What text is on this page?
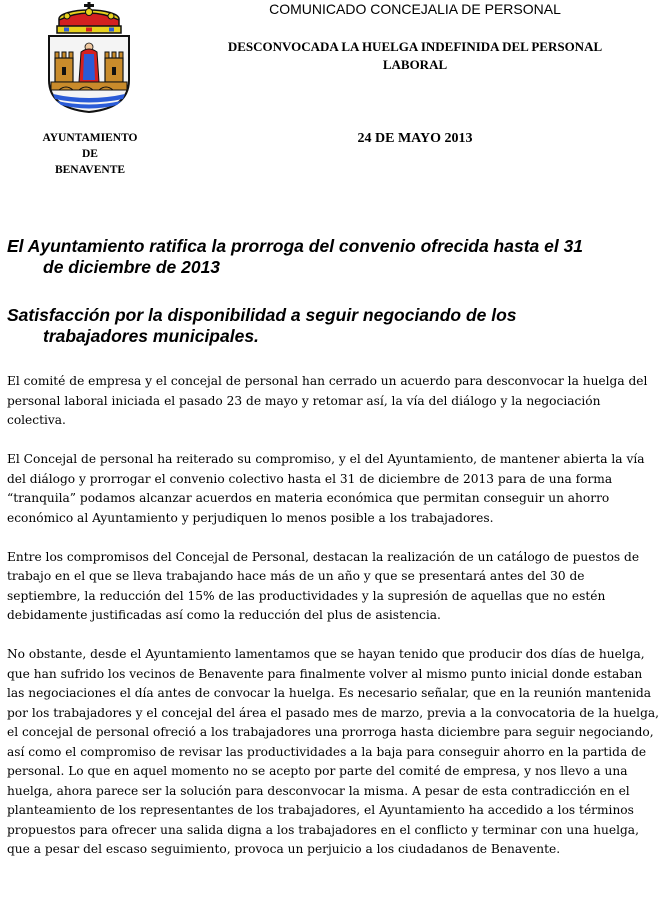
AYUNTAMIENTO
DE
BENAVENTE
COMUNICADO CONCEJALIA DE PERSONAL
DESCONVOCADA LA HUELGA INDEFINIDA DEL PERSONAL LABORAL
24 DE MAYO 2013
El Ayuntamiento ratifica la prorroga del convenio ofrecida hasta el 31
de diciembre de 2013
Satisfacción por la disponibilidad a seguir negociando de los
trabajadores municipales.

El comité de empresa y el concejal de personal han cerrado un acuerdo para desconvocar la huelga del personal laboral iniciada el pasado 23 de mayo y retomar así, la vía del diálogo y la negociación colectiva.

El Concejal de personal ha reiterado su compromiso, y el del Ayuntamiento, de mantener abierta la vía del diálogo y prorrogar el convenio colectivo hasta el 31 de diciembre de 2013 para de una forma “tranquila” podamos alcanzar acuerdos en materia económica que permitan conseguir un ahorro económico al Ayuntamiento y perjudiquen lo menos posible a los trabajadores.

Entre los compromisos del Concejal de Personal, destacan la realización de un catálogo de puestos de trabajo en el que se lleva trabajando hace más de un año y que se presentará antes del 30 de septiembre, la reducción del 15% de las productividades y la supresión de aquellas que no estén debidamente justificadas así como la reducción del plus de asistencia.

No obstante, desde el Ayuntamiento lamentamos que se hayan tenido que producir dos días de huelga, que han sufrido los vecinos de Benavente para finalmente volver al mismo punto inicial donde estaban las negociaciones el día antes de convocar la huelga. Es necesario señalar, que en la reunión mantenida por los trabajadores y el concejal del área el pasado mes de marzo, previa a la convocatoria de la huelga, el concejal de personal ofreció a los trabajadores una prorroga hasta diciembre para seguir negociando, así como el compromiso de revisar las productividades a la baja para conseguir ahorro en la partida de personal. Lo que en aquel momento no se acepto por parte del comité de empresa, y nos llevo a una huelga, ahora parece ser la solución para desconvocar la misma. A pesar de esta contradicción en el planteamiento de los representantes de los trabajadores, el Ayuntamiento ha accedido a los términos propuestos para ofrecer una salida digna a los trabajadores en el conflicto y terminar con una huelga, que a pesar del escaso seguimiento, provoca un perjuicio a los ciudadanos de Benavente.
